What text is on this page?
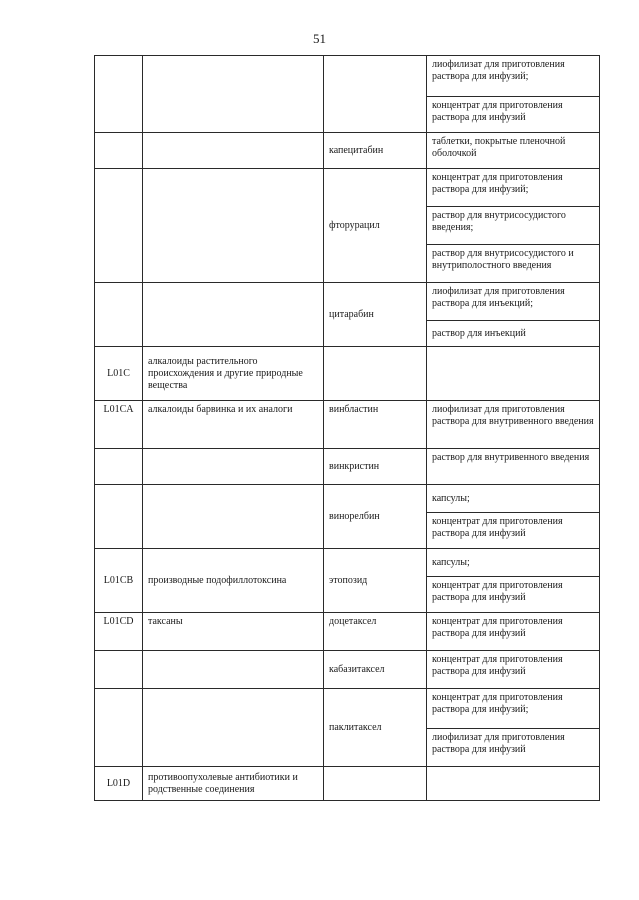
51
			лиофилизат для приготовления раствора для инфузий;
			концентрат для приготовления раствора для инфузий
		капецитабин	таблетки, покрытые пленочной оболочкой
		фторурацил	концентрат для приготовления раствора для инфузий;
			раствор для внутрисосудистого введения;
			раствор для внутрисосудистого и внутриполостного введения
		цитарабин	лиофилизат для приготовления раствора для инъекций;
			раствор для инъекций
L01C	алкалоиды растительного происхождения и другие природные вещества		
L01CA	алкалоиды барвинка и их аналоги	винбластин	лиофилизат для приготовления раствора для внутривенного введения
		винкристин	раствор для внутривенного введения
		винорелбин	капсулы;
			концентрат для приготовления раствора для инфузий
L01CB	производные подофиллотоксина	этопозид	капсулы;
			концентрат для приготовления раствора для инфузий
L01CD	таксаны	доцетаксел	концентрат для приготовления раствора для инфузий
		кабазитаксел	концентрат для приготовления раствора для инфузий
		паклитаксел	концентрат для приготовления раствора для инфузий;
			лиофилизат для приготовления раствора для инфузий
L01D	противоопухолевые антибиотики и родственные соединения		
